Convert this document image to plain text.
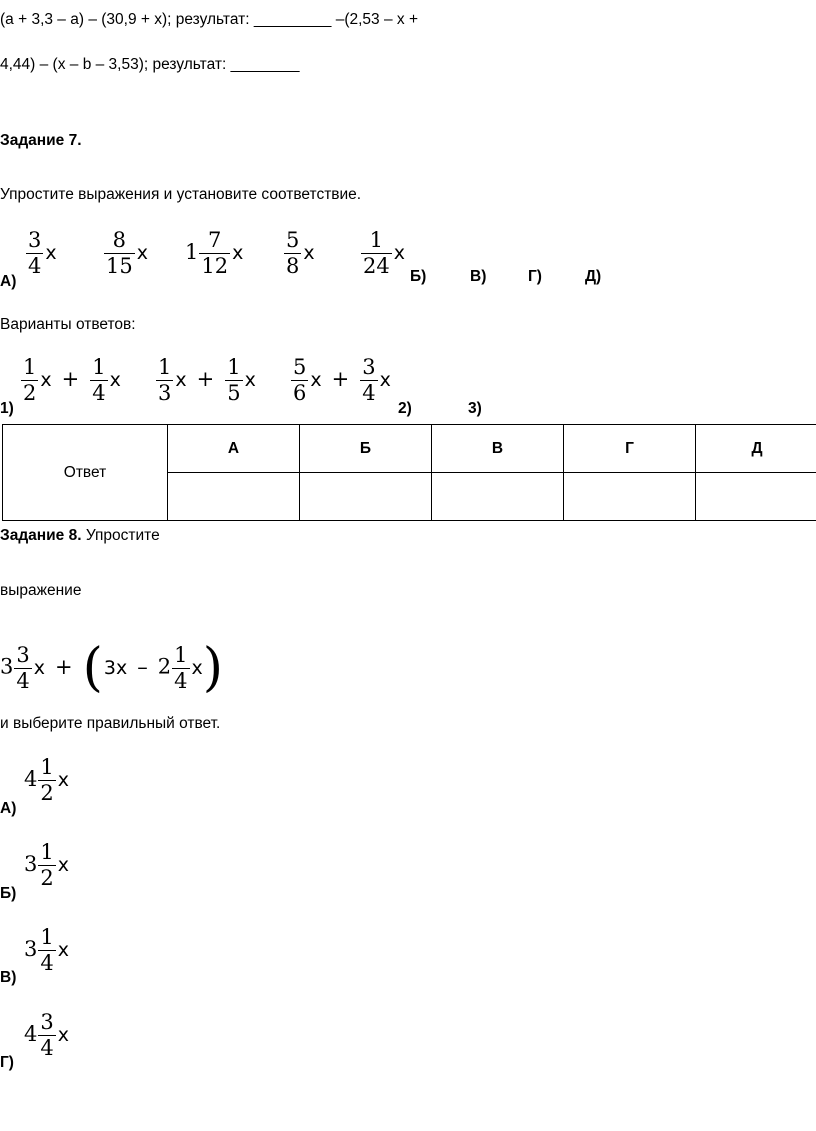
(a + 3,3 – a) – (30,9 + x); результат: _________ –(2,53 – x +
4,44) – (x – b – 3,53); результат: ________
Задание 7.
Упростите выражения и установите соответствие.
$\frac{3}{4}$ x $\frac{8}{15}$ x $1 \frac{7}{12}$ x $\frac{5}{8}$ x $\frac{1}{24}$ x
А)	Б)	В)	Г)	Д)
Варианты ответов:
$\frac{1}{2}$ $x + \frac{1}{4}$ x $\frac{1}{3}$ $x + \frac{1}{5}$ x $\frac{5}{6}$ $x + \frac{3}{4}$ x
1)	2)	3)
Ответ	А	Б	В	Г	Д

Задание 8. Упростите
выражение
$3 \frac{3}{4}$ $x + (3x - 2 \frac{1}{4} x)$
и выберите правильный ответ.
$4 \frac{1}{2}$ x
А)
$3 \frac{1}{2}$ x
Б)
$3 \frac{1}{4}$ x
В)
$4 \frac{3}{4}$ x
Г)
